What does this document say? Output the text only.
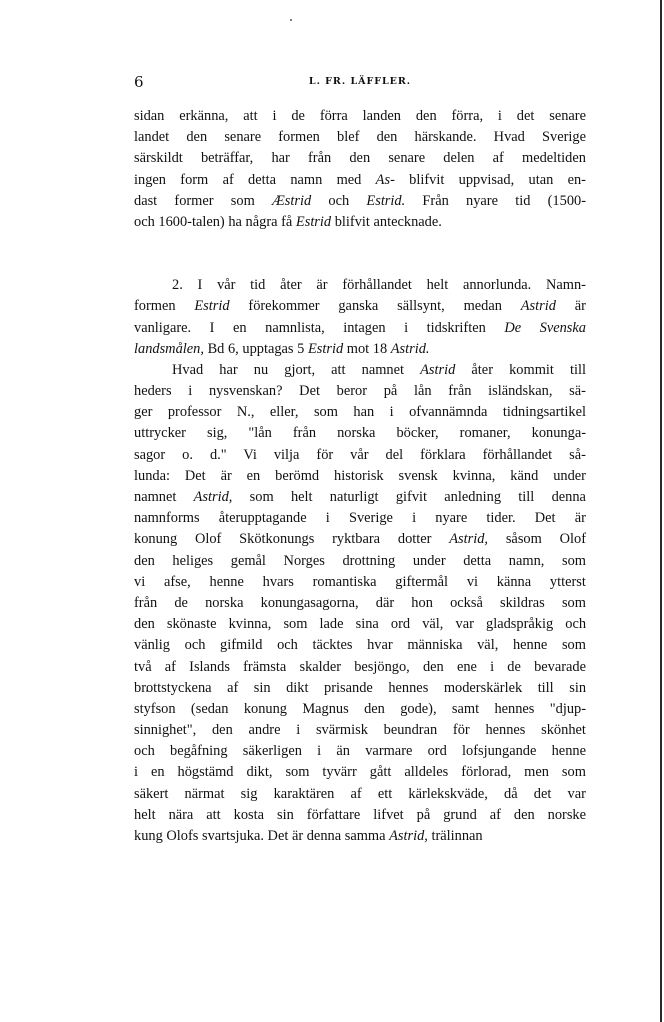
6	L. FR. LÄFFLER.
sidan erkänna, att i de förra landen den förra, i det senare
landet den senare formen blef den härskande. Hvad Sverige
särskildt beträffar, har från den senare delen af medeltiden
ingen form af detta namn med As- blifvit uppvisad, utan en-
dast former som Æstrid och Estrid. Från nyare tid (1500-
och 1600-talen) ha några få Estrid blifvit antecknade.
2. I vår tid åter är förhållandet helt annorlunda. Namn-
formen Estrid förekommer ganska sällsynt, medan Astrid är
vanligare. I en namnlista, intagen i tidskriften De Svenska
landsmålen, Bd 6, upptagas 5 Estrid mot 18 Astrid.
Hvad har nu gjort, att namnet Astrid åter kommit till
heders i nysvenskan? Det beror på lån från isländskan, sä-
ger professor N., eller, som han i ofvannämnda tidningsartikel
uttrycker sig, "lån från norska böcker, romaner, konunga-
sagor o. d." Vi vilja för vår del förklara förhållandet så-
lunda: Det är en berömd historisk svensk kvinna, känd under
namnet Astrid, som helt naturligt gifvit anledning till denna
namnforms återupptagande i Sverige i nyare tider. Det är
konung Olof Skötkonungs ryktbara dotter Astrid, såsom Olof
den heliges gemål Norges drottning under detta namn, som
vi afse, henne hvars romantiska giftermål vi känna ytterst
från de norska konungasagorna, där hon också skildras som
den skönaste kvinna, som lade sina ord väl, var gladspråkig och
vänlig och gifmild och täcktes hvar människa väl, henne som
två af Islands främsta skalder besjöngo, den ene i de bevarade
brottstyckena af sin dikt prisande hennes moderskärlek till sin
styfson (sedan konung Magnus den gode), samt hennes "djup-
sinnighet", den andre i svärmisk beundran för hennes skönhet
och begåfning säkerligen i än varmare ord lofsjungande henne
i en högstämd dikt, som tyvärr gått alldeles förlorad, men som
säkert närmat sig karaktären af ett kärlekskväde, då det var
helt nära att kosta sin författare lifvet på grund af den norske
kung Olofs svartsjuka. Det är denna samma Astrid, trälinnan
